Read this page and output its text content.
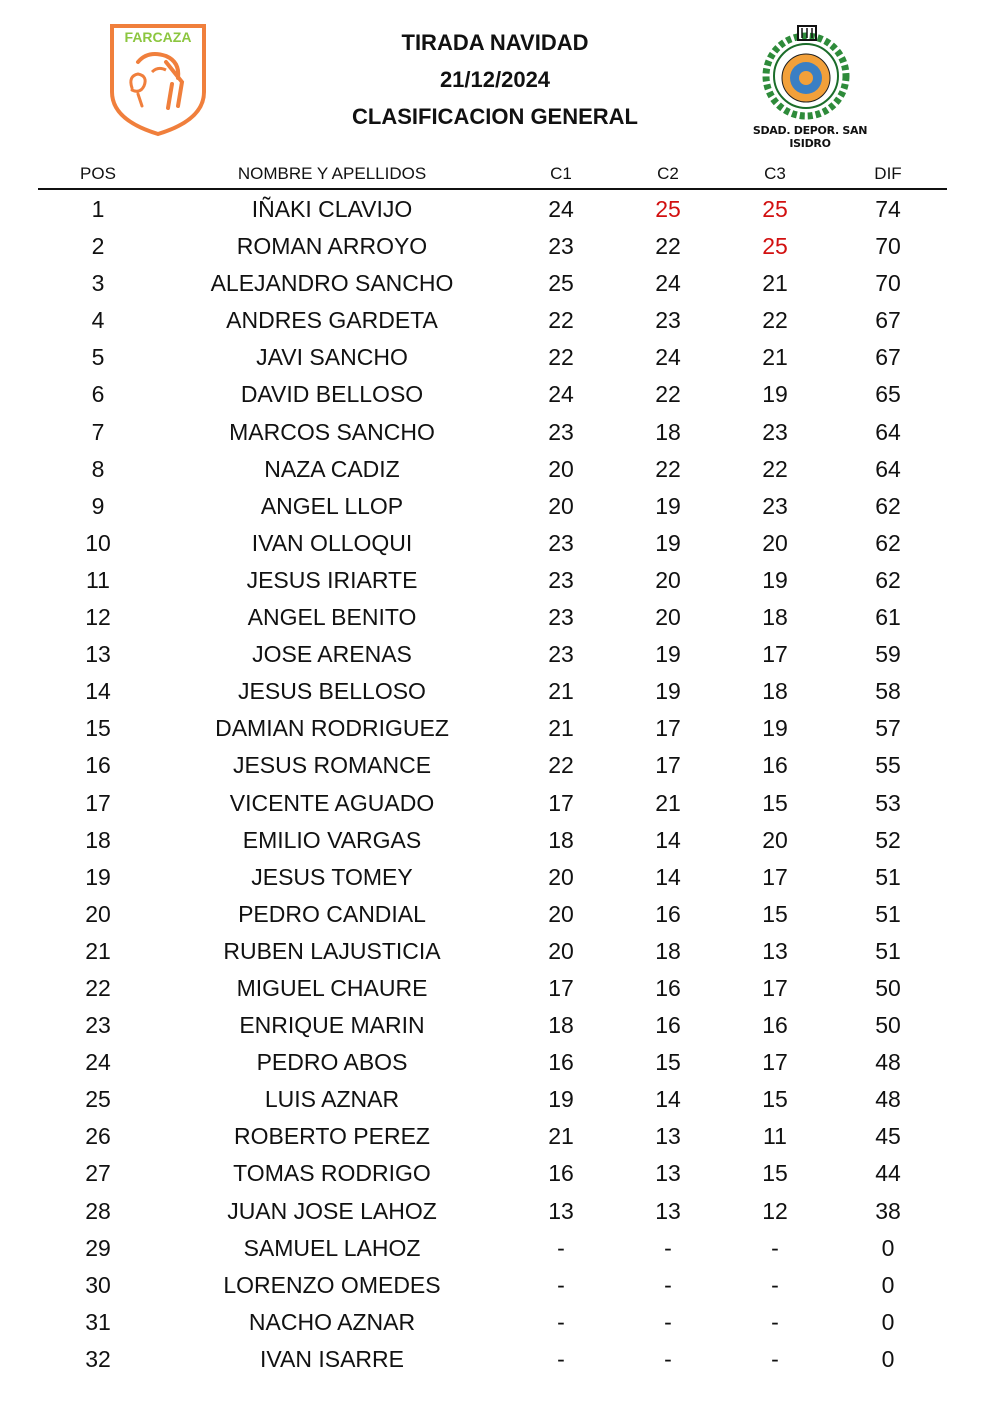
FARCAZA	TIRADA NAVIDAD
21/12/2024
CLASIFICACION GENERAL
SDAD. DEPOR. SAN ISIDRO
POS	NOMBRE Y APELLIDOS	C1	C2	C3	DIF
1	IÑAKI CLAVIJO	24	25	25	74
2	ROMAN ARROYO	23	22	25	70
3	ALEJANDRO SANCHO	25	24	21	70
4	ANDRES GARDETA	22	23	22	67
5	JAVI SANCHO	22	24	21	67
6	DAVID BELLOSO	24	22	19	65
7	MARCOS SANCHO	23	18	23	64
8	NAZA CADIZ	20	22	22	64
9	ANGEL LLOP	20	19	23	62
10	IVAN OLLOQUI	23	19	20	62
11	JESUS IRIARTE	23	20	19	62
12	ANGEL BENITO	23	20	18	61
13	JOSE ARENAS	23	19	17	59
14	JESUS BELLOSO	21	19	18	58
15	DAMIAN RODRIGUEZ	21	17	19	57
16	JESUS ROMANCE	22	17	16	55
17	VICENTE AGUADO	17	21	15	53
18	EMILIO VARGAS	18	14	20	52
19	JESUS TOMEY	20	14	17	51
20	PEDRO CANDIAL	20	16	15	51
21	RUBEN LAJUSTICIA	20	18	13	51
22	MIGUEL CHAURE	17	16	17	50
23	ENRIQUE MARIN	18	16	16	50
24	PEDRO ABOS	16	15	17	48
25	LUIS AZNAR	19	14	15	48
26	ROBERTO PEREZ	21	13	11	45
27	TOMAS RODRIGO	16	13	15	44
28	JUAN JOSE LAHOZ	13	13	12	38
29	SAMUEL LAHOZ	-	-	-	0
30	LORENZO OMEDES	-	-	-	0
31	NACHO AZNAR	-	-	-	0
32	IVAN ISARRE	-	-	-	0
